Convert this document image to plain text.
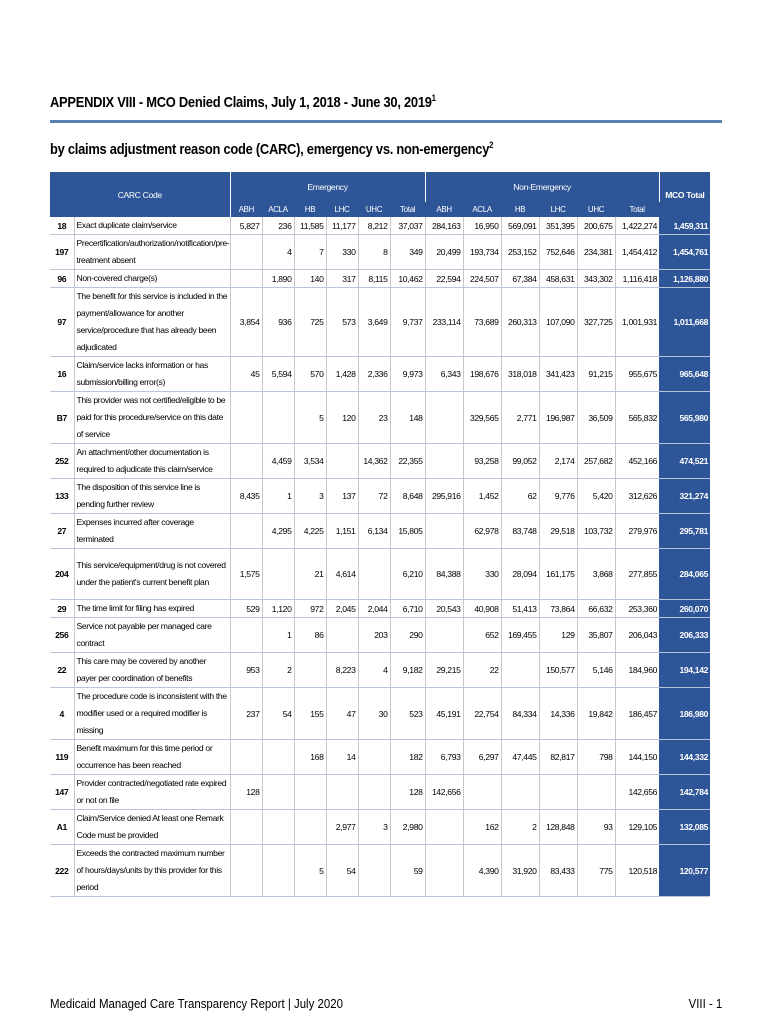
APPENDIX VIII - MCO Denied Claims, July 1, 2018 - June 30, 2019$^1$
by claims adjustment reason code (CARC), emergency vs. non-emergency$^2$
CARC Code		Emergency						Non-Emergency						MCO Total
		ABH	ACLA	HB	LHC	UHC	Total	ABH	ACLA	HB	LHC	UHC	Total	
18	Exact duplicate claim/service	5,827	236	11,585	11,177	8,212	37,037	284,163	16,950	569,091	351,395	200,675	1,422,274	1,459,311
197	Precertification/authorization/notification/pre-treatment absent		4	7	330	8	349	20,499	193,734	253,152	752,646	234,381	1,454,412	1,454,761
96	Non-covered charge(s)		1,890	140	317	8,115	10,462	22,594	224,507	67,384	458,631	343,302	1,116,418	1,126,880
97	The benefit for this service is included in the payment/allowance for another service/procedure that has already been adjudicated	3,854	936	725	573	3,649	9,737	233,114	73,689	260,313	107,090	327,725	1,001,931	1,011,668
16	Claim/service lacks information or has submission/billing error(s)	45	5,594	570	1,428	2,336	9,973	6,343	198,676	318,018	341,423	91,215	955,675	965,648
B7	This provider was not certified/eligible to be paid for this procedure/service on this date of service			5	120	23	148		329,565	2,771	196,987	36,509	565,832	565,980
252	An attachment/other documentation is required to adjudicate this claim/service		4,459	3,534		14,362	22,355		93,258	99,052	2,174	257,682	452,166	474,521
133	The disposition of this service line is pending further review	8,435	1	3	137	72	8,648	295,916	1,452	62	9,776	5,420	312,626	321,274
27	Expenses incurred after coverage terminated		4,295	4,225	1,151	6,134	15,805		62,978	83,748	29,518	103,732	279,976	295,781
204	This service/equipment/drug is not covered under the patient's current benefit plan	1,575		21	4,614		6,210	84,388	330	28,094	161,175	3,868	277,855	284,065
29	The time limit for filing has expired	529	1,120	972	2,045	2,044	6,710	20,543	40,908	51,413	73,864	66,632	253,360	260,070
256	Service not payable per managed care contract		1	86		203	290		652	169,455	129	35,807	206,043	206,333
22	This care may be covered by another payer per coordination of benefits	953	2		8,223	4	9,182	29,215	22		150,577	5,146	184,960	194,142
4	The procedure code is inconsistent with the modifier used or a required modifier is missing	237	54	155	47	30	523	45,191	22,754	84,334	14,336	19,842	186,457	186,980
119	Benefit maximum for this time period or occurrence has been reached			168	14		182	6,793	6,297	47,445	82,817	798	144,150	144,332
147	Provider contracted/negotiated rate expired or not on file	128					128	142,656					142,656	142,784
A1	Claim/Service denied At least one Remark Code must be provided				2,977	3	2,980		162	2	128,848	93	129,105	132,085
222	Exceeds the contracted maximum number of hours/days/units by this provider for this period			5	54		59		4,390	31,920	83,433	775	120,518	120,577
Medicaid Managed Care Transparency Report | July 2020	VIII - 1
